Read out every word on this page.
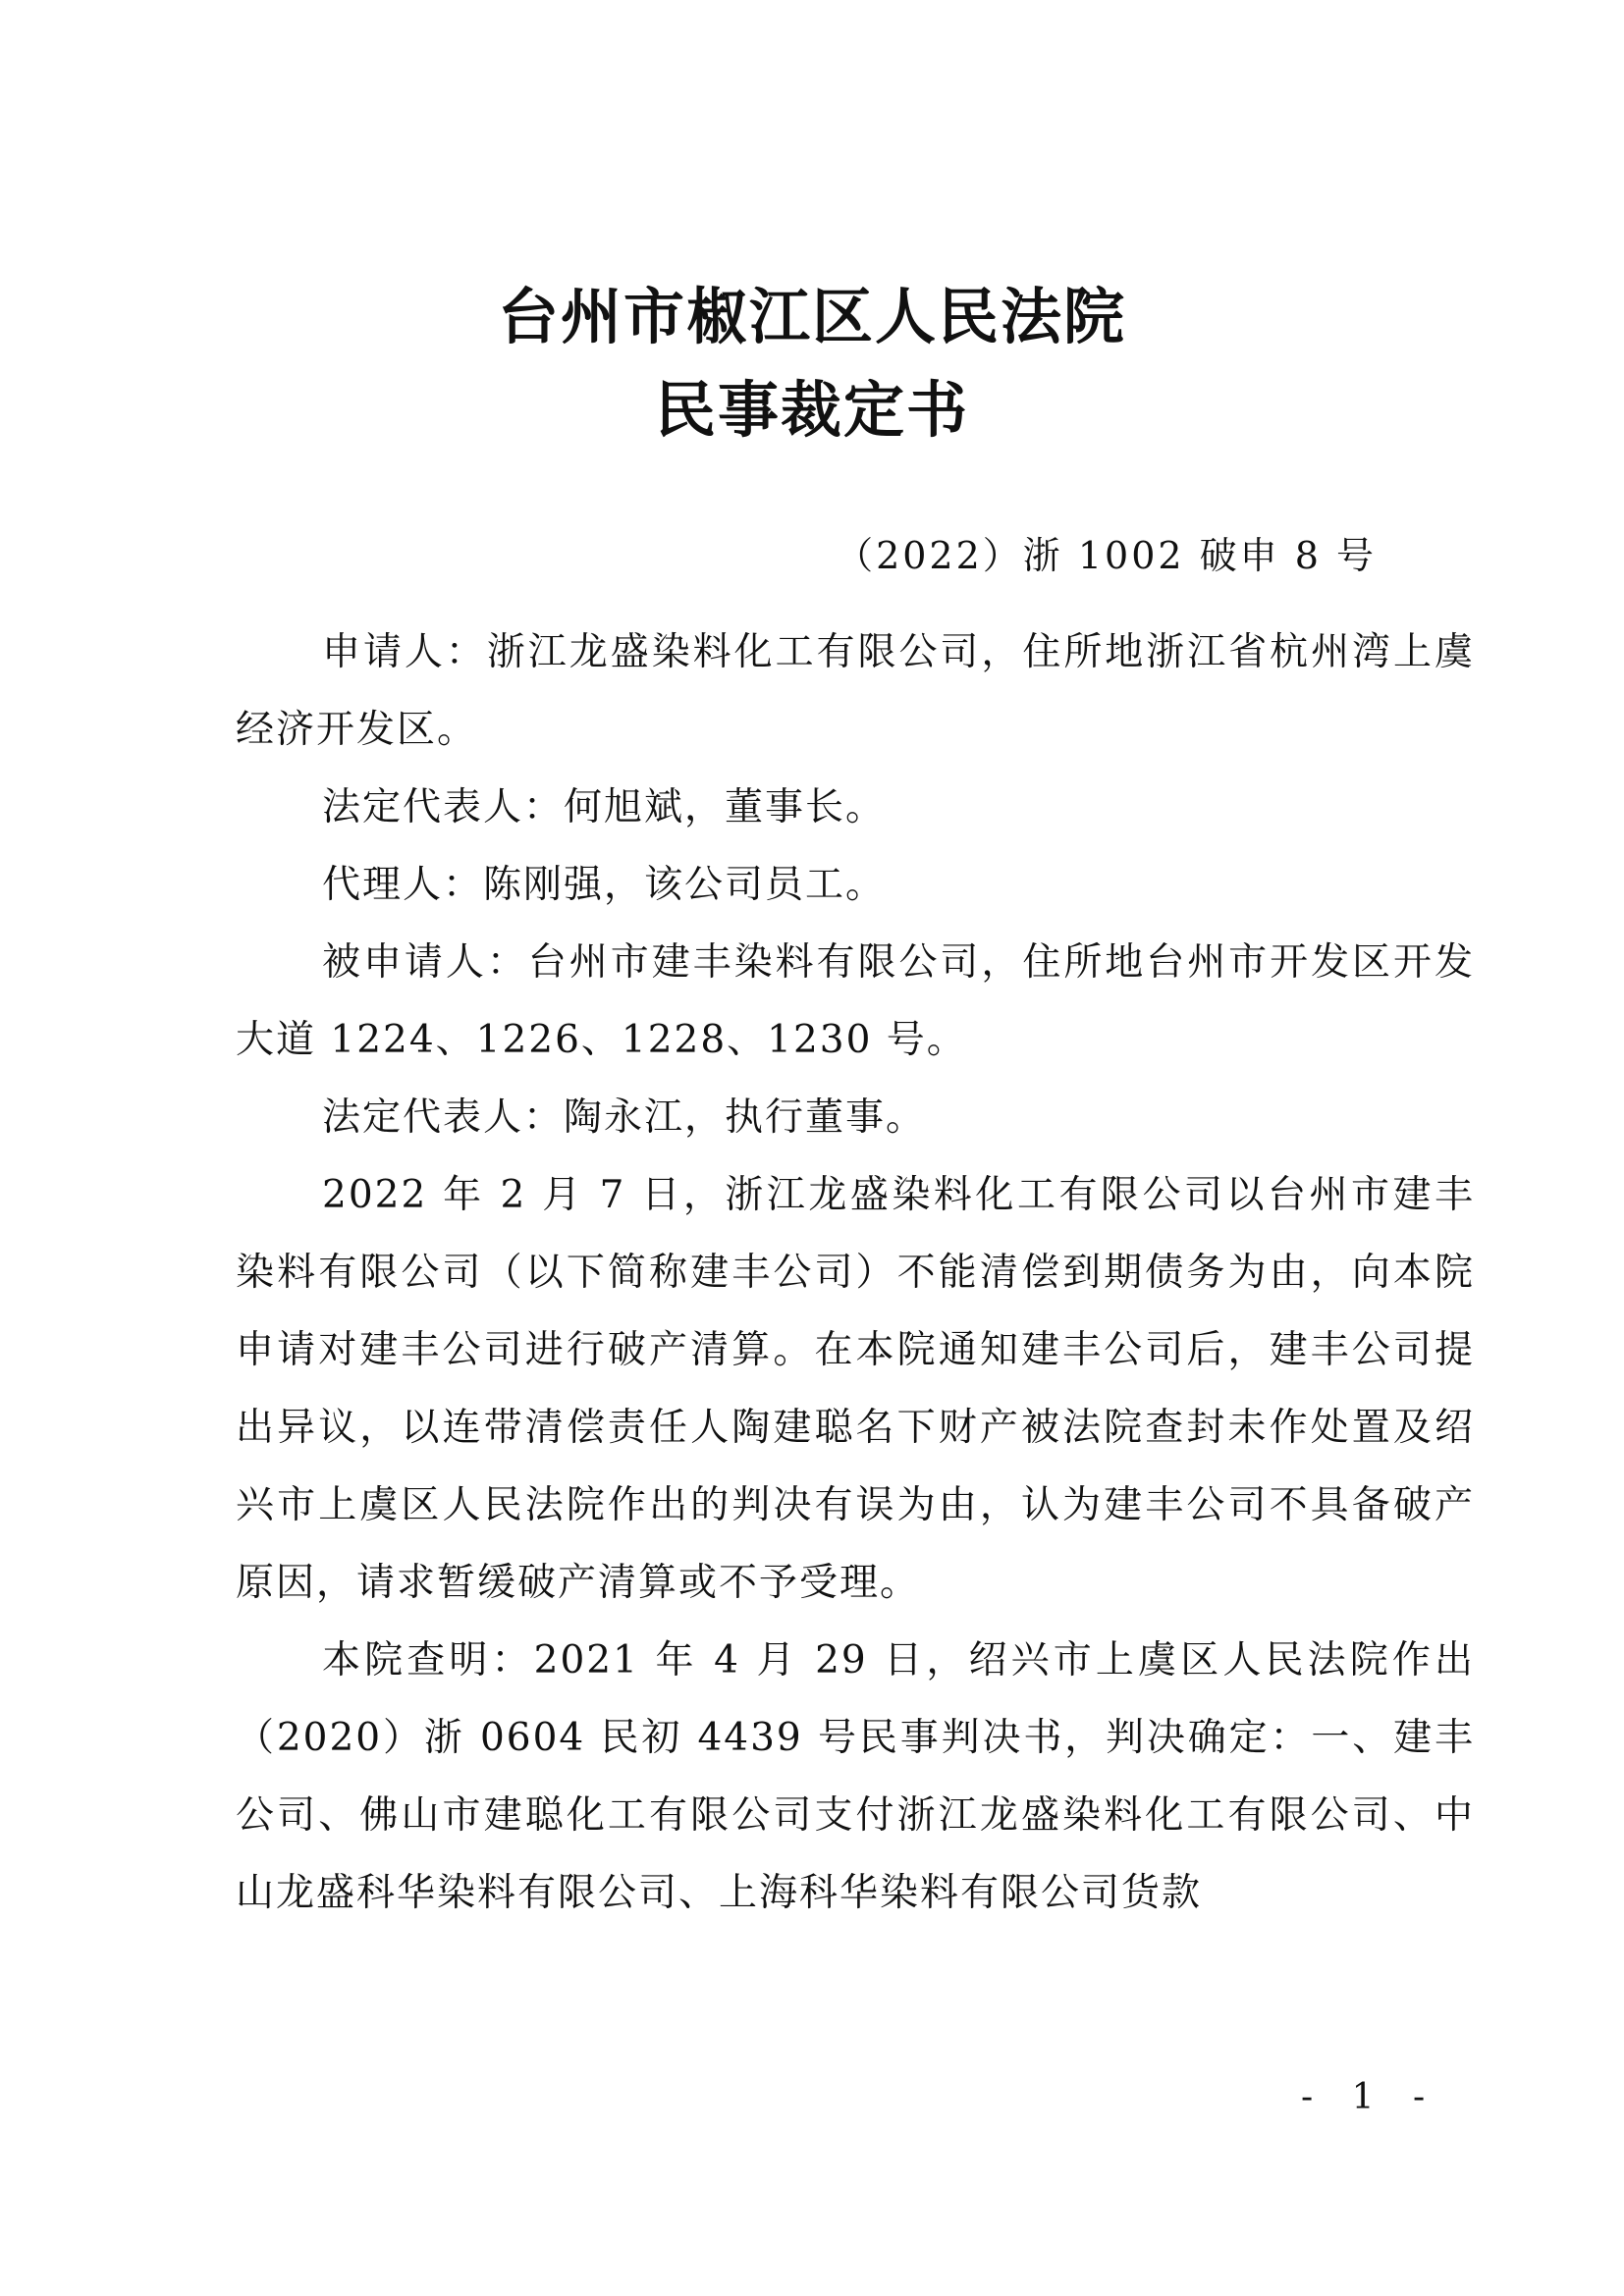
台州市椒江区人民法院
民事裁定书
（2022）浙 1002 破申 8 号

申请人：浙江龙盛染料化工有限公司，住所地浙江省杭州湾上虞经济开发区。

法定代表人：何旭斌，董事长。

代理人：陈刚强，该公司员工。

被申请人：台州市建丰染料有限公司，住所地台州市开发区开发大道 1224、1226、1228、1230 号。

法定代表人：陶永江，执行董事。

2022 年 2 月 7 日，浙江龙盛染料化工有限公司以台州市建丰染料有限公司（以下简称建丰公司）不能清偿到期债务为由，向本院申请对建丰公司进行破产清算。在本院通知建丰公司后，建丰公司提出异议，以连带清偿责任人陶建聪名下财产被法院查封未作处置及绍兴市上虞区人民法院作出的判决有误为由，认为建丰公司不具备破产原因，请求暂缓破产清算或不予受理。

本院查明：2021 年 4 月 29 日，绍兴市上虞区人民法院作出（2020）浙 0604 民初 4439 号民事判决书，判决确定：一、建丰公司、佛山市建聪化工有限公司支付浙江龙盛染料化工有限公司、中山龙盛科华染料有限公司、上海科华染料有限公司货款

- 1 -
